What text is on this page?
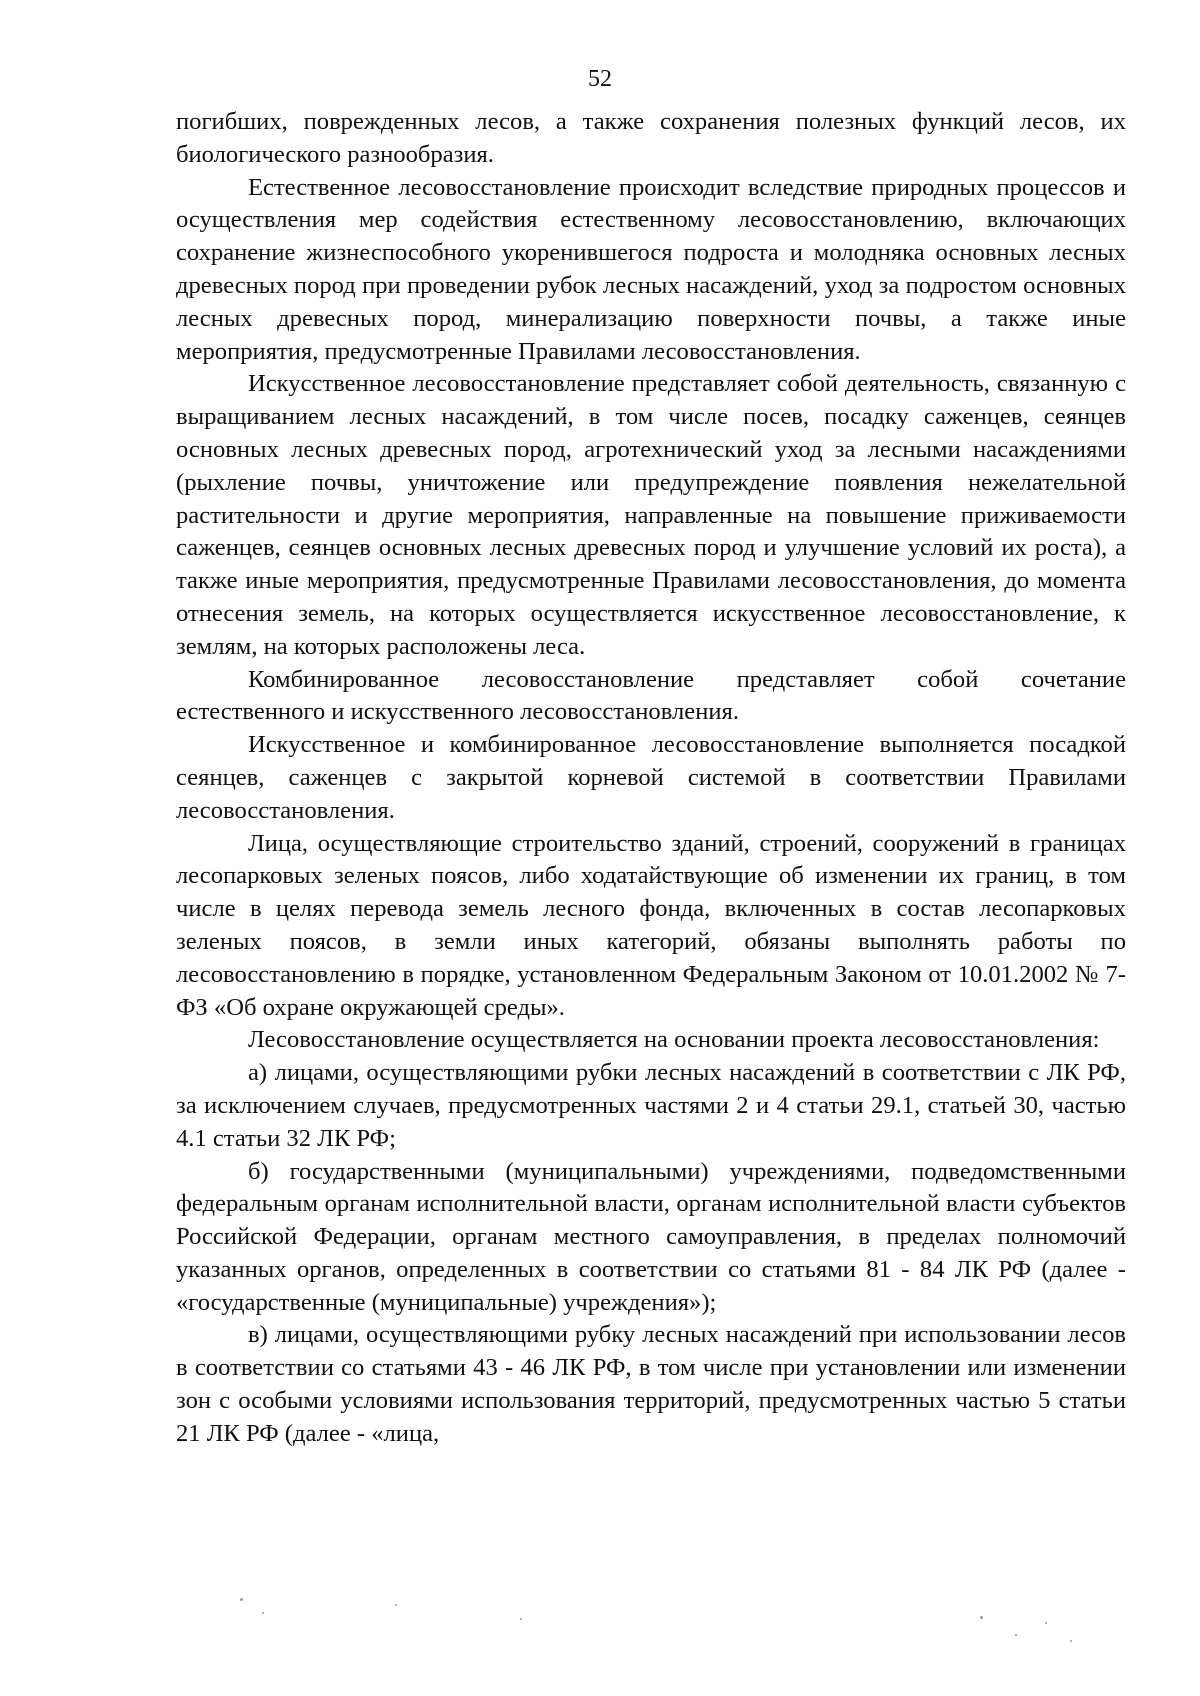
52

погибших, поврежденных лесов, а также сохранения полезных функций лесов, их биологического разнообразия.

Естественное лесовосстановление происходит вследствие природных процессов и осуществления мер содействия естественному лесовосстановлению, включающих сохранение жизнеспособного укоренившегося подроста и молодняка основных лесных древесных пород при проведении рубок лесных насаждений, уход за подростом основных лесных древесных пород, минерализацию поверхности почвы, а также иные мероприятия, предусмотренные Правилами лесовосстановления.

Искусственное лесовосстановление представляет собой деятельность, связанную с выращиванием лесных насаждений, в том числе посев, посадку саженцев, сеянцев основных лесных древесных пород, агротехнический уход за лесными насаждениями (рыхление почвы, уничтожение или предупреждение появления нежелательной растительности и другие мероприятия, направленные на повышение приживаемости саженцев, сеянцев основных лесных древесных пород и улучшение условий их роста), а также иные мероприятия, предусмотренные Правилами лесовосстановления, до момента отнесения земель, на которых осуществляется искусственное лесовосстановление, к землям, на которых расположены леса.

Комбинированное лесовосстановление представляет собой сочетание естественного и искусственного лесовосстановления.

Искусственное и комбинированное лесовосстановление выполняется посадкой сеянцев, саженцев с закрытой корневой системой в соответствии Правилами лесовосстановления.

Лица, осуществляющие строительство зданий, строений, сооружений в границах лесопарковых зеленых поясов, либо ходатайствующие об изменении их границ, в том числе в целях перевода земель лесного фонда, включенных в состав лесопарковых зеленых поясов, в земли иных категорий, обязаны выполнять работы по лесовосстановлению в порядке, установленном Федеральным Законом от 10.01.2002 № 7-ФЗ «Об охране окружающей среды».

Лесовосстановление осуществляется на основании проекта лесовосстановления:

а) лицами, осуществляющими рубки лесных насаждений в соответствии с ЛК РФ, за исключением случаев, предусмотренных частями 2 и 4 статьи 29.1, статьей 30, частью 4.1 статьи 32 ЛК РФ;

б) государственными (муниципальными) учреждениями, подведомственными федеральным органам исполнительной власти, органам исполнительной власти субъектов Российской Федерации, органам местного самоуправления, в пределах полномочий указанных органов, определенных в соответствии со статьями 81 - 84 ЛК РФ (далее - «государственные (муниципальные) учреждения»);

в) лицами, осуществляющими рубку лесных насаждений при использовании лесов в соответствии со статьями 43 - 46 ЛК РФ, в том числе при установлении или изменении зон с особыми условиями использования территорий, предусмотренных частью 5 статьи 21 ЛК РФ (далее - «лица,
